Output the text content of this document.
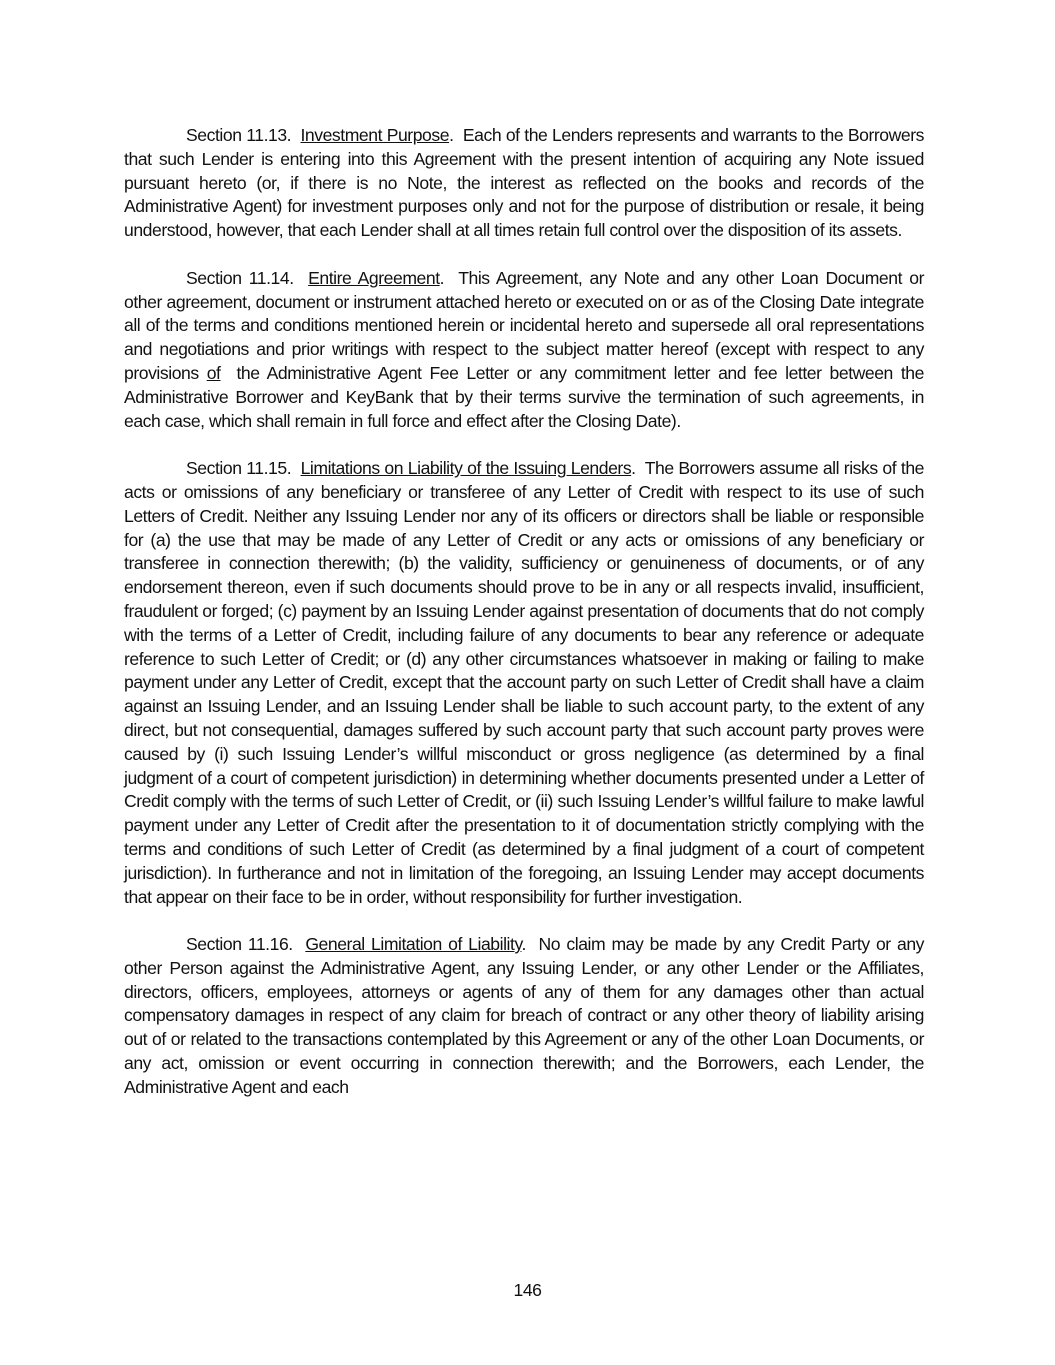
Section 11.13. Investment Purpose.  Each of the Lenders represents and warrants to the Borrowers that such Lender is entering into this Agreement with the present intention of acquiring any Note issued pursuant hereto (or, if there is no Note, the interest as reflected on the books and records of the Administrative Agent) for investment purposes only and not for the purpose of distribution or resale, it being understood, however, that each Lender shall at all times retain full control over the disposition of its assets.

Section 11.14. Entire Agreement.  This Agreement, any Note and any other Loan Document or other agreement, document or instrument attached hereto or executed on or as of the Closing Date integrate all of the terms and conditions mentioned herein or incidental hereto and supersede all oral representations and negotiations and prior writings with respect to the subject matter hereof (except with respect to any provisions of the Administrative Agent Fee Letter or any commitment letter and fee letter between the Administrative Borrower and KeyBank that by their terms survive the termination of such agreements, in each case, which shall remain in full force and effect after the Closing Date).

Section 11.15. Limitations on Liability of the Issuing Lenders.  The Borrowers assume all risks of the acts or omissions of any beneficiary or transferee of any Letter of Credit with respect to its use of such Letters of Credit. Neither any Issuing Lender nor any of its officers or directors shall be liable or responsible for (a) the use that may be made of any Letter of Credit or any acts or omissions of any beneficiary or transferee in connection therewith; (b) the validity, sufficiency or genuineness of documents, or of any endorsement thereon, even if such documents should prove to be in any or all respects invalid, insufficient, fraudulent or forged; (c) payment by an Issuing Lender against presentation of documents that do not comply with the terms of a Letter of Credit, including failure of any documents to bear any reference or adequate reference to such Letter of Credit; or (d) any other circumstances whatsoever in making or failing to make payment under any Letter of Credit, except that the account party on such Letter of Credit shall have a claim against an Issuing Lender, and an Issuing Lender shall be liable to such account party, to the extent of any direct, but not consequential, damages suffered by such account party that such account party proves were caused by (i) such Issuing Lender’s willful misconduct or gross negligence (as determined by a final judgment of a court of competent jurisdiction) in determining whether documents presented under a Letter of Credit comply with the terms of such Letter of Credit, or (ii) such Issuing Lender’s willful failure to make lawful payment under any Letter of Credit after the presentation to it of documentation strictly complying with the terms and conditions of such Letter of Credit (as determined by a final judgment of a court of competent jurisdiction). In furtherance and not in limitation of the foregoing, an Issuing Lender may accept documents that appear on their face to be in order, without responsibility for further investigation.

Section 11.16. General Limitation of Liability.  No claim may be made by any Credit Party or any other Person against the Administrative Agent, any Issuing Lender, or any other Lender or the Affiliates, directors, officers, employees, attorneys or agents of any of them for any damages other than actual compensatory damages in respect of any claim for breach of contract or any other theory of liability arising out of or related to the transactions contemplated by this Agreement or any of the other Loan Documents, or any act, omission or event occurring in connection therewith; and the Borrowers, each Lender, the Administrative Agent and each

146
